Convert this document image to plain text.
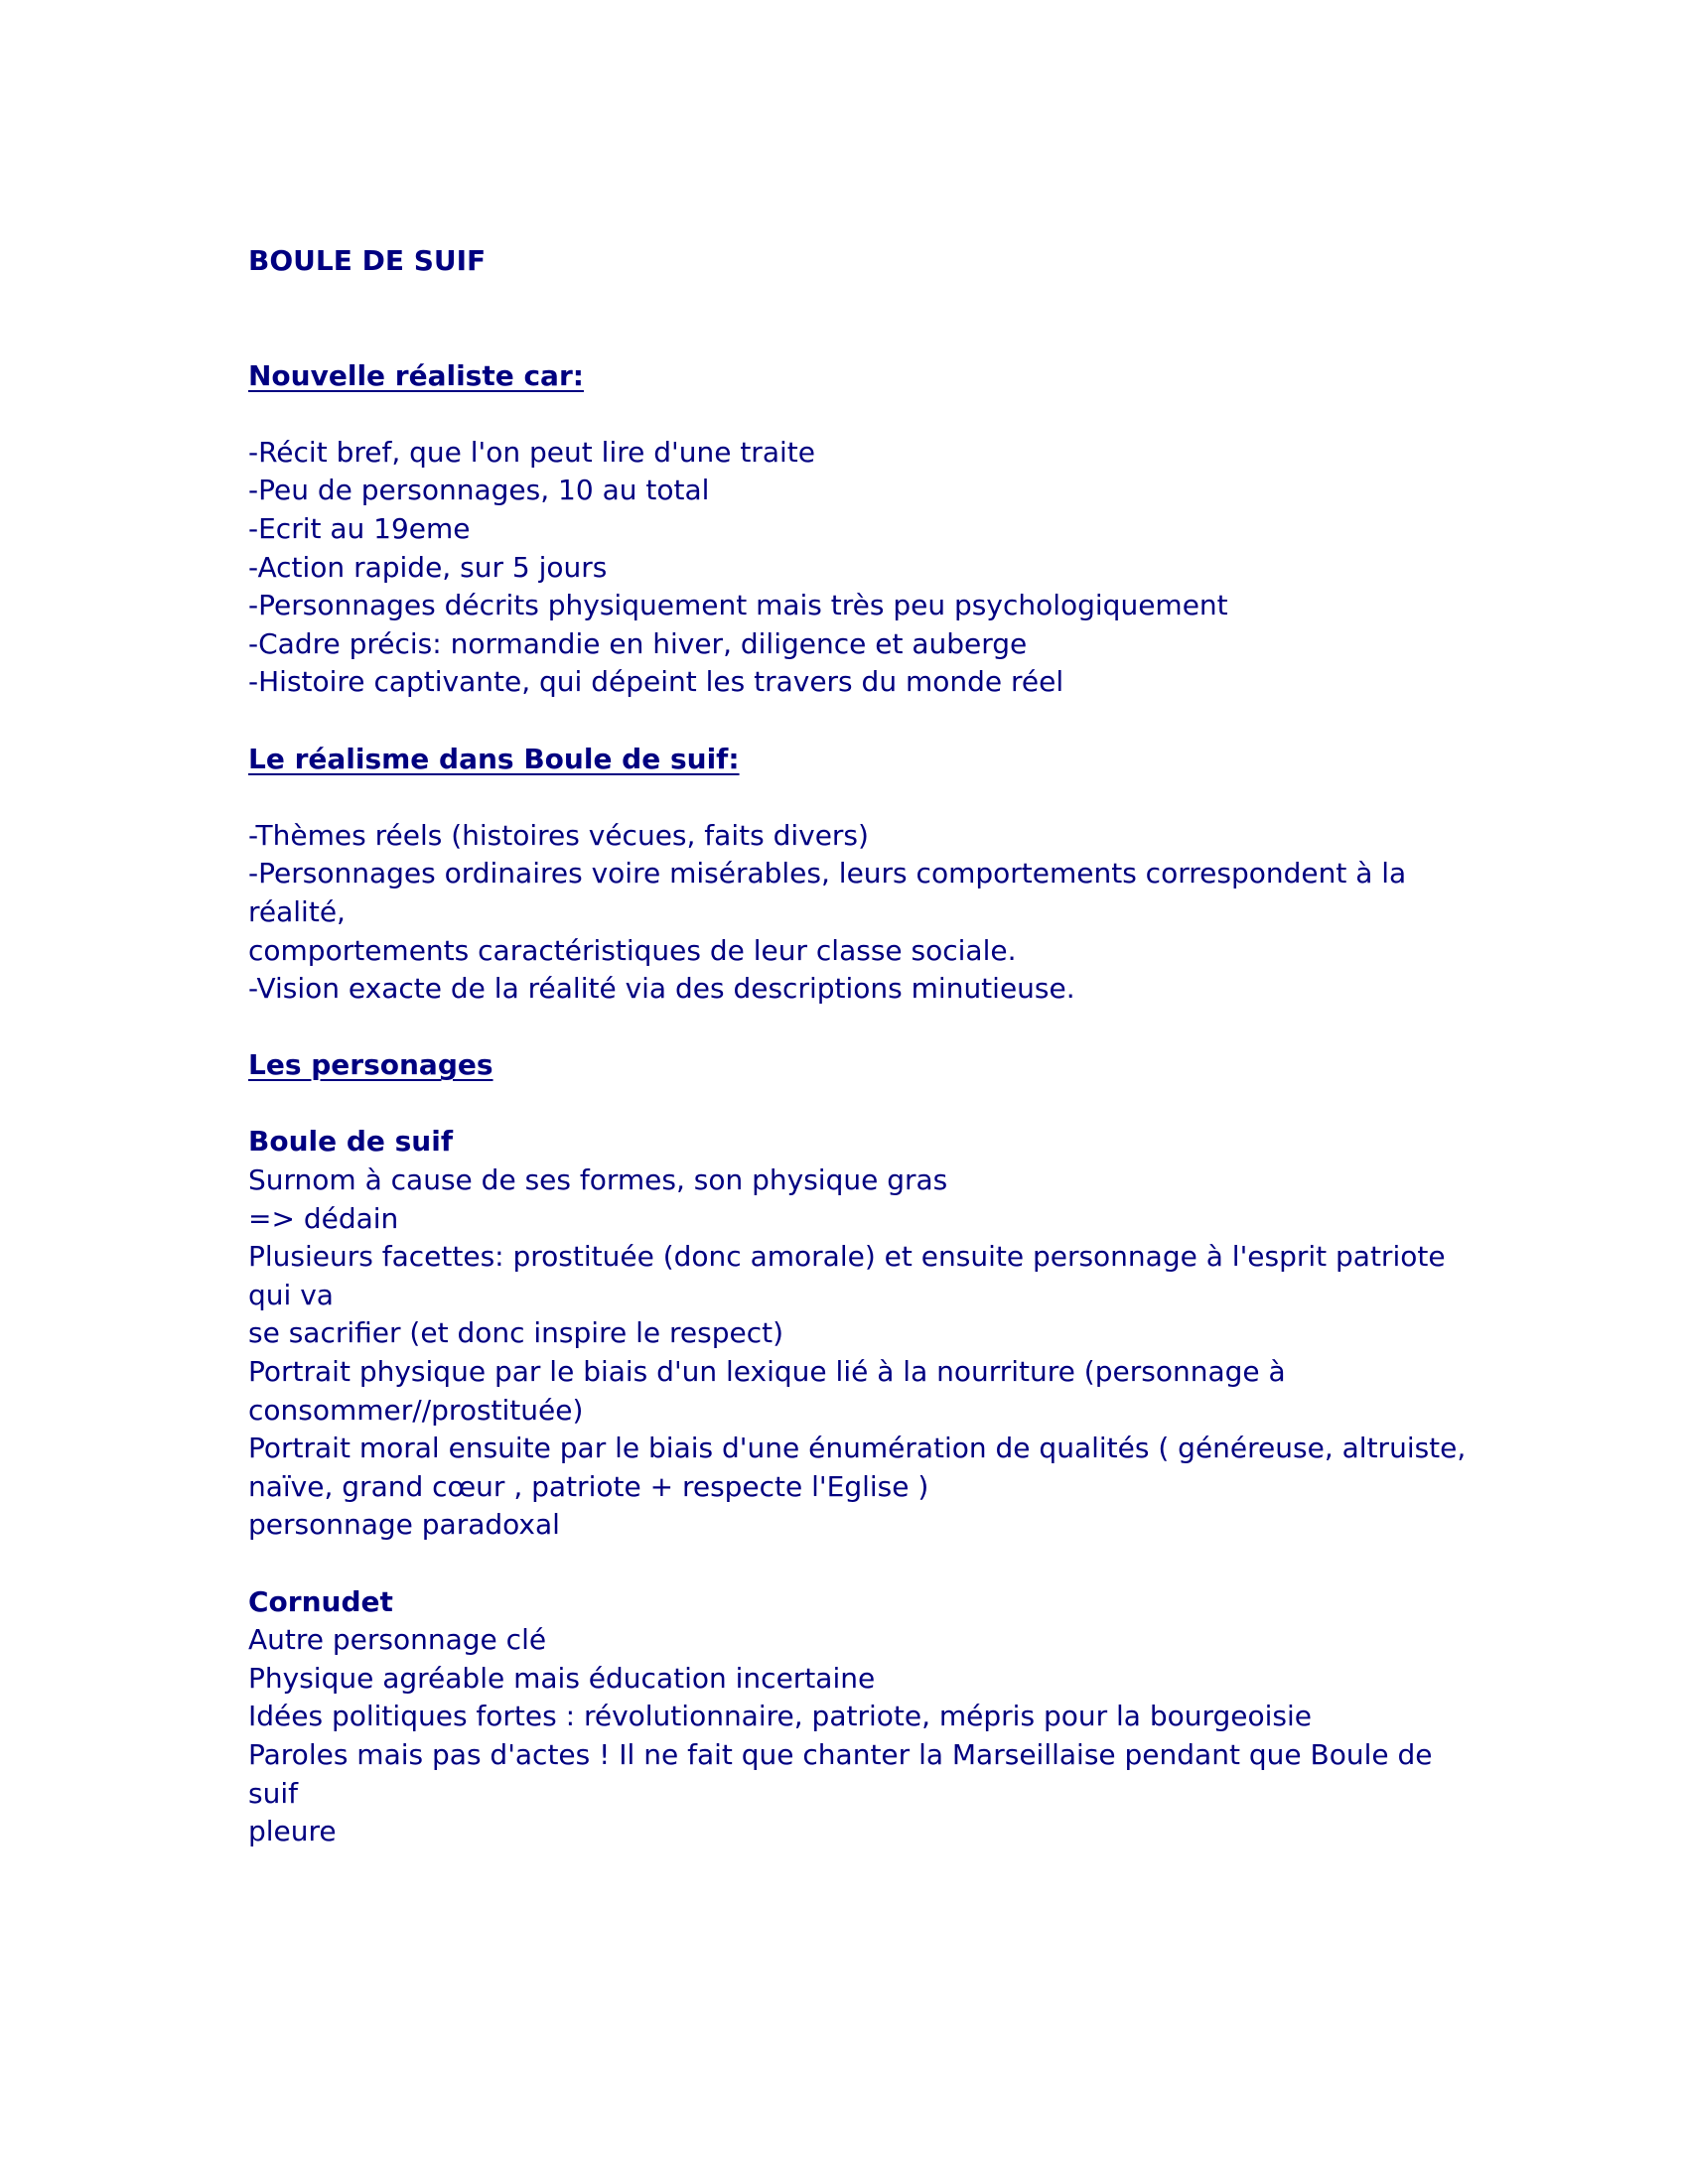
BOULE DE SUIF
Nouvelle réaliste car:
-Récit bref, que l'on peut lire d'une traite
-Peu de personnages, 10 au total
-Ecrit au 19eme
-Action rapide, sur 5 jours
-Personnages décrits physiquement mais très peu psychologiquement
-Cadre précis: normandie en hiver, diligence et auberge
-Histoire captivante, qui dépeint les travers du monde réel
Le réalisme dans Boule de suif:
-Thèmes réels (histoires vécues, faits divers)
-Personnages ordinaires voire misérables, leurs comportements correspondent à la réalité,
comportements caractéristiques de leur classe sociale.
-Vision exacte de la réalité via des descriptions minutieuse.
Les personages
Boule de suif
Surnom à cause de ses formes, son physique gras
=> dédain
Plusieurs facettes: prostituée (donc amorale) et ensuite personnage à l'esprit patriote qui va
se sacrifier (et donc inspire le respect)
Portrait physique par le biais d'un lexique lié à la nourriture (personnage à
consommer//prostituée)
Portrait moral ensuite par le biais d'une énumération de qualités ( généreuse, altruiste,
naïve, grand cœur , patriote + respecte l'Eglise )
personnage paradoxal
Cornudet
Autre personnage clé
Physique agréable mais éducation incertaine
Idées politiques fortes : révolutionnaire, patriote, mépris pour la bourgeoisie
Paroles mais pas d'actes ! Il ne fait que chanter la Marseillaise pendant que Boule de suif
pleure
